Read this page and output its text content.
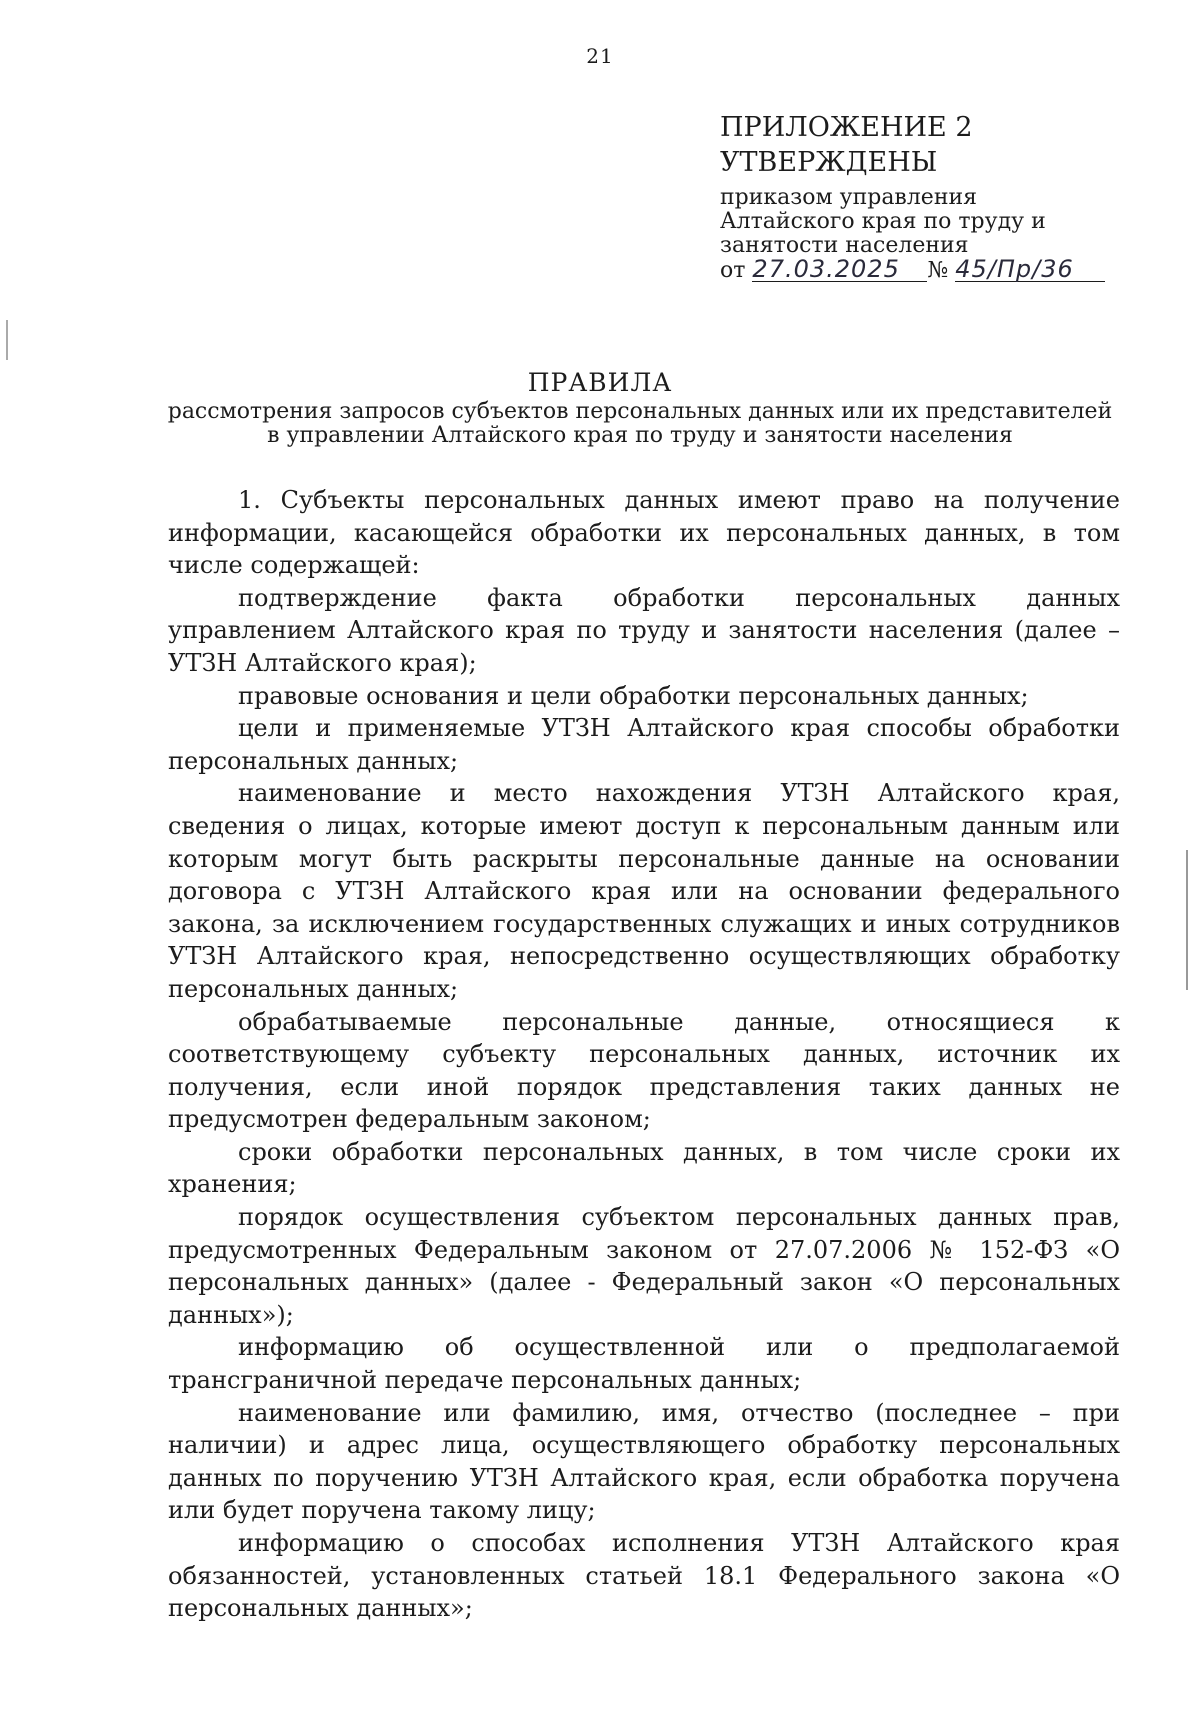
21
ПРИЛОЖЕНИЕ 2
УТВЕРЖДЕНЫ
приказом управления
Алтайского края по труду и
занятости населения
от 27.03.2025 № 45/Пр/36
ПРАВИЛА
рассмотрения запросов субъектов персональных данных или их представителей
в управлении Алтайского края по труду и занятости населения

1. Субъекты персональных данных имеют право на получение информации, касающейся обработки их персональных данных, в том числе содержащей:

подтверждение факта обработки персональных данных управлением Алтайского края по труду и занятости населения (далее – УТЗН Алтайского края);

правовые основания и цели обработки персональных данных;

цели и применяемые УТЗН Алтайского края способы обработки персональных данных;

наименование и место нахождения УТЗН Алтайского края, сведения о лицах, которые имеют доступ к персональным данным или которым могут быть раскрыты персональные данные на основании договора с УТЗН Алтайского края или на основании федерального закона, за исключением государственных служащих и иных сотрудников УТЗН Алтайского края, непосредственно осуществляющих обработку персональных данных;

обрабатываемые персональные данные, относящиеся к соответствующему субъекту персональных данных, источник их получения, если иной порядок представления таких данных не предусмотрен федеральным законом;

сроки обработки персональных данных, в том числе сроки их хранения;

порядок осуществления субъектом персональных данных прав, предусмотренных Федеральным законом от 27.07.2006 № 152-ФЗ «О персональных данных» (далее - Федеральный закон «О персональных данных»);

информацию об осуществленной или о предполагаемой трансграничной передаче персональных данных;

наименование или фамилию, имя, отчество (последнее – при наличии) и адрес лица, осуществляющего обработку персональных данных по поручению УТЗН Алтайского края, если обработка поручена или будет поручена такому лицу;

информацию о способах исполнения УТЗН Алтайского края обязанностей, установленных статьей 18.1 Федерального закона «О персональных данных»;
